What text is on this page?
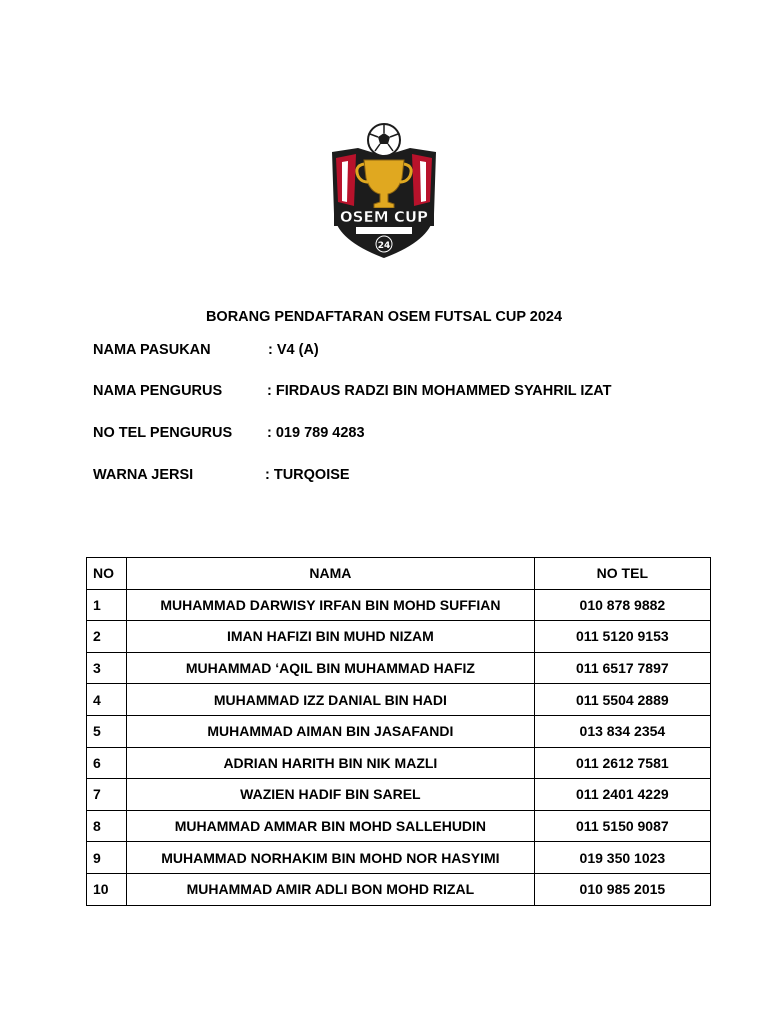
OSEM CUP
24
BORANG PENDAFTARAN OSEM FUTSAL CUP 2024
NAMA PASUKAN	: V4 (A)
NAMA PENGURUS	: FIRDAUS RADZI BIN MOHAMMED SYAHRIL IZAT
NO TEL PENGURUS : 019 789 4283
WARNA JERSI	: TURQOISE
NO	NAMA	NO TEL
1	MUHAMMAD DARWISY IRFAN BIN MOHD SUFFIAN	010 878 9882
2	IMAN HAFIZI BIN MUHD NIZAM	011 5120 9153
3	MUHAMMAD ‘AQIL BIN MUHAMMAD HAFIZ	011 6517 7897
4	MUHAMMAD IZZ DANIAL BIN HADI	011 5504 2889
5	MUHAMMAD AIMAN BIN JASAFANDI	013 834 2354
6	ADRIAN HARITH BIN NIK MAZLI	011 2612 7581
7	WAZIEN HADIF BIN SAREL	011 2401 4229
8	MUHAMMAD AMMAR BIN MOHD SALLEHUDIN	011 5150 9087
9	MUHAMMAD NORHAKIM BIN MOHD NOR HASYIMI	019 350 1023
10	MUHAMMAD AMIR ADLI BON MOHD RIZAL	010 985 2015
